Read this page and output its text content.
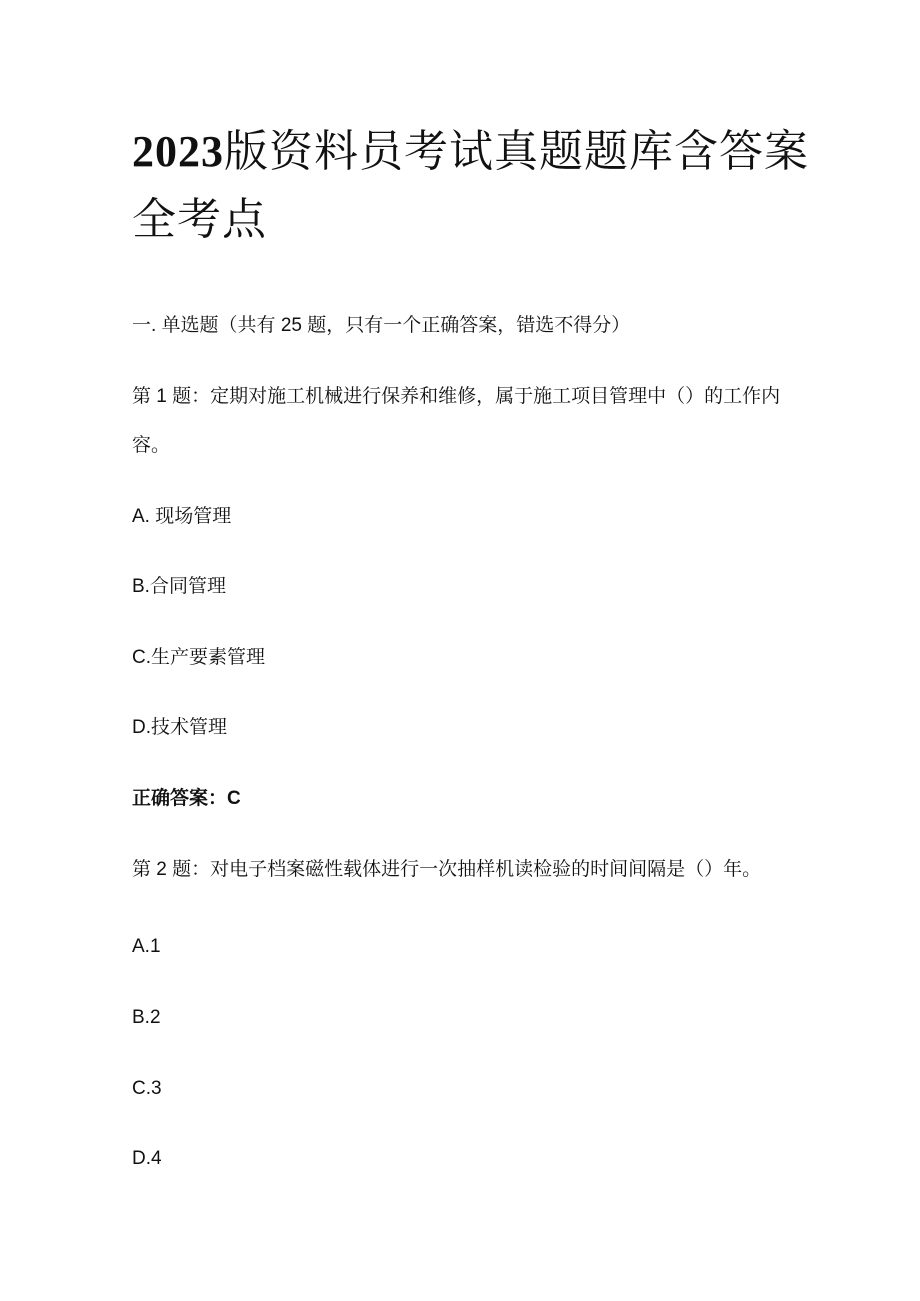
2023版资料员考试真题题库含答案全考点

一. 单选题（共有 25 题，只有一个正确答案，错选不得分）

第 1 题：定期对施工机械进行保养和维修，属于施工项目管理中（）的工作内容。

A. 现场管理

B.合同管理

C.生产要素管理

D.技术管理

正确答案：C

第 2 题：对电子档案磁性载体进行一次抽样机读检验的时间间隔是（）年。

A.1

B.2

C.3

D.4
